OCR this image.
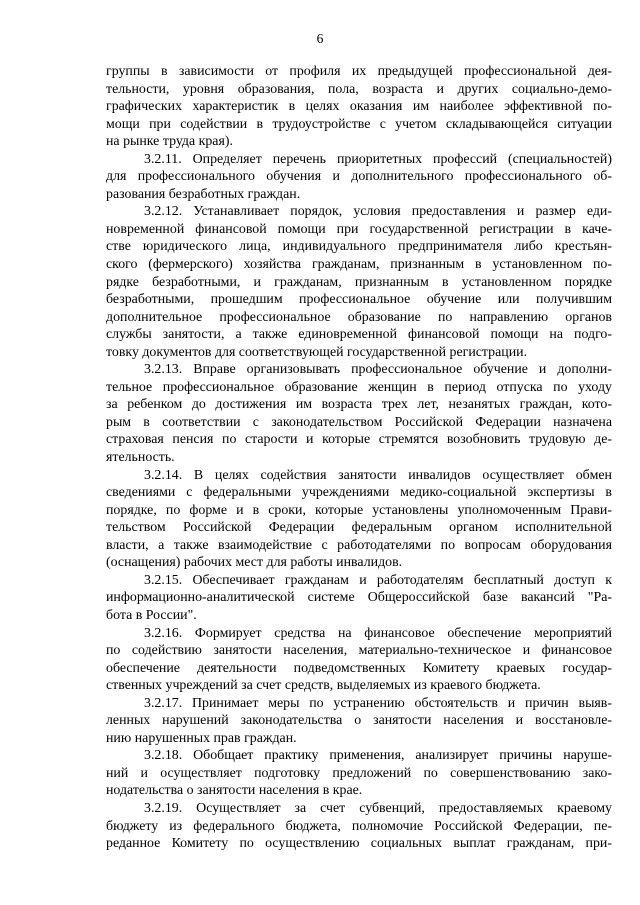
6
группы в зависимости от профиля их предыдущей профессиональной дея-
тельности, уровня образования, пола, возраста и других социально-демо-
графических характеристик в целях оказания им наиболее эффективной по-
мощи при содействии в трудоустройстве с учетом складывающейся ситуации
на рынке труда края).
3.2.11. Определяет перечень приоритетных профессий (специальностей)
для профессионального обучения и дополнительного профессионального об-
разования безработных граждан.
3.2.12. Устанавливает порядок, условия предоставления и размер еди-
новременной финансовой помощи при государственной регистрации в каче-
стве юридического лица, индивидуального предпринимателя либо крестьян-
ского (фермерского) хозяйства гражданам, признанным в установленном по-
рядке безработными, и гражданам, признанным в установленном порядке
безработными, прошедшим профессиональное обучение или получившим
дополнительное профессиональное образование по направлению органов
службы занятости, а также единовременной финансовой помощи на подго-
товку документов для соответствующей государственной регистрации.
3.2.13. Вправе организовывать профессиональное обучение и дополни-
тельное профессиональное образование женщин в период отпуска по уходу
за ребенком до достижения им возраста трех лет, незанятых граждан, кото-
рым в соответствии с законодательством Российской Федерации назначена
страховая пенсия по старости и которые стремятся возобновить трудовую де-
ятельность.
3.2.14. В целях содействия занятости инвалидов осуществляет обмен
сведениями с федеральными учреждениями медико-социальной экспертизы в
порядке, по форме и в сроки, которые установлены уполномоченным Прави-
тельством Российской Федерации федеральным органом исполнительной
власти, а также взаимодействие с работодателями по вопросам оборудования
(оснащения) рабочих мест для работы инвалидов.
3.2.15. Обеспечивает гражданам и работодателям бесплатный доступ к
информационно-аналитической системе Общероссийской базе вакансий "Ра-
бота в России".
3.2.16. Формирует средства на финансовое обеспечение мероприятий
по содействию занятости населения, материально-техническое и финансовое
обеспечение деятельности подведомственных Комитету краевых государ-
ственных учреждений за счет средств, выделяемых из краевого бюджета.
3.2.17. Принимает меры по устранению обстоятельств и причин выяв-
ленных нарушений законодательства о занятости населения и восстановле-
нию нарушенных прав граждан.
3.2.18. Обобщает практику применения, анализирует причины наруше-
ний и осуществляет подготовку предложений по совершенствованию зако-
нодательства о занятости населения в крае.
3.2.19. Осуществляет за счет субвенций, предоставляемых краевому
бюджету из федерального бюджета, полномочие Российской Федерации, пе-
реданное Комитету по осуществлению социальных выплат гражданам, при-
